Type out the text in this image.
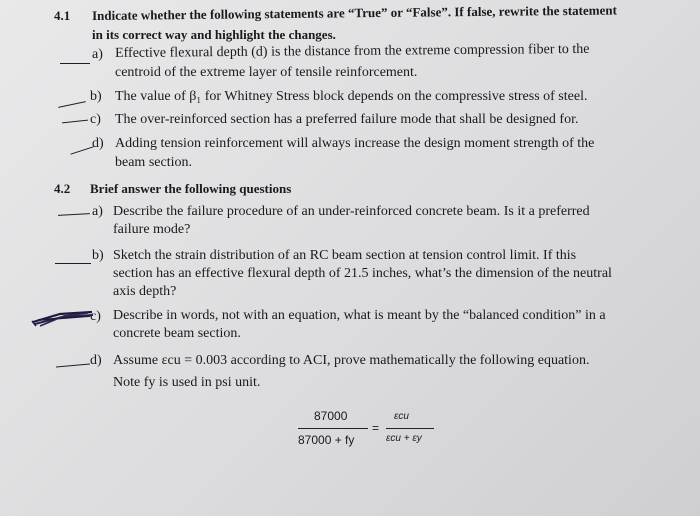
4.1 Indicate whether the following statements are “True” or “False”. If false, rewrite the statement
in its correct way and highlight the changes.
a) Effective flexural depth (d) is the distance from the extreme compression fiber to the
centroid of the extreme layer of tensile reinforcement.
b) The value of β₁ for Whitney Stress block depends on the compressive stress of steel.
c) The over-reinforced section has a preferred failure mode that shall be designed for.
d) Adding tension reinforcement will always increase the design moment strength of the
beam section.
4.2 Brief answer the following questions
a) Describe the failure procedure of an under-reinforced concrete beam. Is it a preferred
failure mode?
b) Sketch the strain distribution of an RC beam section at tension control limit. If this
section has an effective flexural depth of 21.5 inches, what’s the dimension of the neutral
axis depth?
c) Describe in words, not with an equation, what is meant by the “balanced condition” in a
concrete beam section.
d) Assume εcu = 0.003 according to ACI, prove mathematically the following equation.
Note fy is used in psi unit.
87000
87000 + fy
=
εcu
εcu + εy
